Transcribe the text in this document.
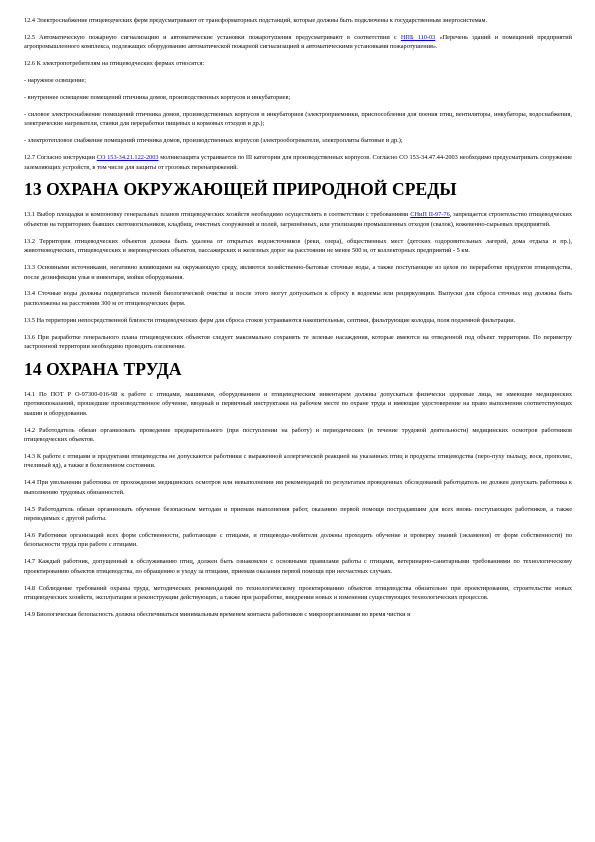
12.4 Электроснабжение птицеводческих ферм предусматривают от трансформаторных подстанций, которые должны быть подключены к государственным энергосистемам.

12.5 Автоматическую пожарную сигнализацию и автоматические установки пожаротушения предусматривают в соответствии с НПБ 110-03 «Перечень зданий и помещений предприятий агропромышленного комплекса, подлежащих оборудованию автоматической пожарной сигнализацией и автоматическими установками пожаротушения».

12.6 К электропотребителям на птицеводческих фермах относятся:

- наружное освещение;

- внутреннее освещение помещений птичника домов, производственных корпусов и инкубаториев;

- силовое электроснабжение помещений птичника домов, производственных корпусов и инкубаториев (электроприемники, приспособления для поения птиц, вентиляторы, инкубаторы, водоснабжения, электрические нагреватели, станки для переработки пищевых и кормовых отходов и др.);

- электротепловое снабжение помещений птичника домов, производственных корпусов (электрообогреватели, электроплиты бытовые и др.);

12.7 Согласно инструкции СО 153-34.21.122-2003 молниезащита устраивается по III категории для производственных корпусов. Согласно СО 153-34.47.44-2003 необходимо предусматривать сооружение заземляющих устройств, в том числе для защиты от грозовых перенапряжений.

13 ОХРАНА ОКРУЖАЮЩЕЙ ПРИРОДНОЙ СРЕДЫ

13.1 Выбор площадки и компоновку генеральных планов птицеводческих хозяйств необходимо осуществлять в соответствии с требованиями СНиП II-97-76, запрещается строительство птицеводческих объектов на территориях бывших скотомогильников, кладбищ, очистных сооружений и полей, загрязнённых, или утилизации промышленных отходов (свалок), кожевенно-сырьевых предприятий.

13.2 Территория птицеводческих объектов должна быть удалена от открытых водоисточников (реки, озера), общественных мест (детских оздоровительных лагерей, дома отдыха и пр.), животноводческих, птицеводческих и звероводческих объектов, пассажирских и железных дорог на расстоянии не менее 500 м, от коллекторных предприятий - 5 км.

13.3 Основными источниками, негативно влияющими на окружающую среду, являются хозяйственно-бытовые сточные воды, а также поступающие из цехов по переработке продуктов птицеводства, после дезинфекции улья и инвентаря, мойки оборудования.

13.4 Сточные воды должны подвергаться полной биологической очистке и после этого могут допускаться к сбросу в водоемы или рециркуляции. Выпуски для сброса сточных вод должны быть расположены на расстоянии 300 м от птицеводческих ферм.

13.5 На территории непосредственной близости птицеводческих ферм для сброса стоков устраиваются накопительные, септики, фильтрующие колодцы, поля подземной фильтрации.

13.6 При разработке генерального плана птицеводческих объектов следует максимально сохранять те зеленые насаждения, которые имеются на отведенной под объект территории. По периметру застроенной территории необходимо проводить озеленение.

14 ОХРАНА ТРУДА

14.1 По ПОТ Р О-97300-016-98 к работе с птицами, машинами, оборудованием и птицеводческим инвентарем должны допускаться физически здоровые лица, не имеющие медицинских противопоказаний, прошедшие производственное обучение, вводный и первичный инструктажи на рабочем месте по охране труда и имеющие удостоверение на право выполнения соответствующих машин и оборудования.

14.2 Работодатель обязан организовать проведение предварительного (при поступлении на работу) и периодических (в течение трудовой деятельности) медицинских осмотров работников птицеводческих объектов.

14.3 К работе с птицами и продуктами птицеводства не допускаются работники с выраженной аллергической реакцией на указанных птиц и продукты птицеводства (перо-пуху пыльцу, воск, прополис, пчелиный яд), а также в болезненном состоянии.

14.4 При увольнении работника от прохождения медицинских осмотров или невыполнении им рекомендаций по результатам проведенных обследований работодатель не должен допускать работника к выполнению трудовых обязанностей.

14.5 Работодатель обязан организовать обучение безопасным методам и приемам выполнения работ, оказанию первой помощи пострадавшим для всех вновь поступающих работников, а также переводимых с другой работы.

14.6 Работники организаций всех форм собственности, работающие с птицами, и птицеводы-любители должны проходить обучение и проверку знаний (экзаменов) от форм собственности) по безопасности труда при работе с птицами.

14.7 Каждый работник, допущенный к обслуживанию птиц, должен быть ознакомлен с основными правилами работы с птицами, ветеринарно-санитарными требованиями по технологическому проектированию объектов птицеводства, по обращению и уходу за птицами, приемам оказания первой помощи при несчастных случаях.

14.8 Соблюдение требований охраны труда, методических рекомендаций по технологическому проектированию объектов птицеводства обязательно при проектировании, строительстве новых птицеводческих хозяйств, эксплуатации и реконструкции действующих, а также при разработке, внедрении новых и изменении существующих технологических процессов.

14.9 Биологическая безопасность должна обеспечиваться минимальным временем контакта работников с микроорганизмами во время чистки и
